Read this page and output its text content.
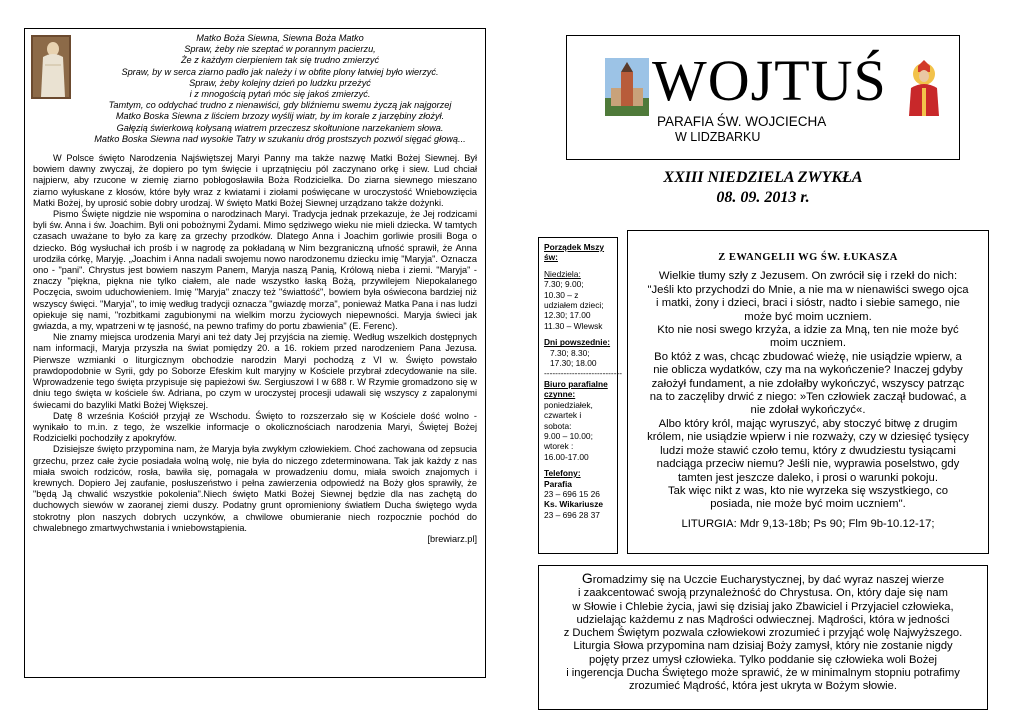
Matko Boża Siewna, Siewna Boża Matko
Spraw, żeby nie szeptać w porannym pacierzu,
Że z każdym cierpieniem tak się trudno zmierzyć
Spraw, by w serca ziarno padło jak należy i w obfite plony łatwiej było wierzyć.
Spraw, żeby kolejny dzień po ludzku przeżyć
i z mnogością pytań móc się jakoś zmierzyć.
Tamtym, co oddychać trudno z nienawiści, gdy bliźniemu swemu życzą jak najgorzej
Matko Boska Siewna z liściem brzozy wyślij wiatr, by im korale z jarzębiny złożył.
Gałęzią świerkową kołysaną wiatrem przeczesz skołtunione narzekaniem słowa.
Matko Boska Siewna nad wysokie Tatry w szukaniu dróg prostszych pozwól sięgać głową...

W Polsce święto Narodzenia Najświętszej Maryi Panny ma także nazwę Matki Bożej Siewnej. Był bowiem dawny zwyczaj, że dopiero po tym święcie i uprzątnięciu pól zaczynano orkę i siew. Lud chciał najpierw, aby rzucone w ziemię ziarno pobłogosławiła Boża Rodzicielka. Do ziarna siewnego mieszano ziarno wyłuskane z kłosów, które były wraz z kwiatami i ziołami poświęcane w uroczystość Wniebowzięcia Matki Bożej, by uprosić sobie dobry urodzaj. W święto Matki Bożej Siewnej urządzano także dożynki.

Pismo Święte nigdzie nie wspomina o narodzinach Maryi. Tradycja jednak przekazuje, że Jej rodzicami byli św. Anna i św. Joachim. Byli oni pobożnymi Żydami. Mimo sędziwego wieku nie mieli dziecka. W tamtych czasach uważane to było za karę za grzechy przodków. Dlatego Anna i Joachim gorliwie prosili Boga o dziecko. Bóg wysłuchał ich prośb i w nagrodę za pokładaną w Nim bezgraniczną ufność sprawił, że Anna urodziła córkę, Maryję. „Joachim i Anna nadali swojemu nowo narodzonemu dziecku imię "Maryja". Oznacza ono - "pani". Chrystus jest bowiem naszym Panem, Maryja naszą Panią, Królową nieba i ziemi. "Maryja" - znaczy "piękna, piękna nie tylko ciałem, ale nade wszystko łaską Bożą, przywilejem Niepokalanego Poczęcia, swoim uduchowieniem. Imię "Maryja" znaczy też "świattość", bowiem była oświecona bardziej niż wszyscy święci. "Maryja", to imię według tradycji oznacza "gwiazdę morza", ponieważ Matka Pana i nas ludzi opiekuje się nami, "rozbitkami zagubionymi na wielkim morzu życiowych niepewności. Maryja świeci jak gwiazda, a my, wpatrzeni w tę jasność, na pewno trafimy do portu zbawienia" (E. Ferenc).

Nie znamy miejsca urodzenia Maryi ani też daty Jej przyjścia na ziemię. Według wszelkich dostępnych nam informacji, Maryja przyszła na świat pomiędzy 20. a 16. rokiem przed narodzeniem Pana Jezusa. Pierwsze wzmianki o liturgicznym obchodzie narodzin Maryi pochodzą z VI w. Święto powstało prawdopodobnie w Syrii, gdy po Soborze Efeskim kult maryjny w Kościele przybrał zdecydowanie na sile. Wprowadzenie tego święta przypisuje się papieżowi św. Sergiuszowi I w 688 r. W Rzymie gromadzono się w dniu tego święta w kościele św. Adriana, po czym w uroczystej procesji udawali się wszyscy z zapalonymi świecami do bazyliki Matki Bożej Większej.

Datę 8 września Kościół przyjął ze Wschodu. Święto to rozszerzało się w Kościele dość wolno - wynikało to m.in. z tego, że wszelkie informacje o okolicznościach narodzenia Maryi, Świętej Bożej Rodzicielki pochodziły z apokryfów.

Dzisiejsze święto przypomina nam, że Maryja była zwykłym człowiekiem. Choć zachowana od zepsucia grzechu, przez całe życie posiadała wolną wolę, nie była do niczego zdeterminowana. Tak jak każdy z nas miała swoich rodziców, rosła, bawiła się, pomagała w prowadzeniu domu, miała swoich znajomych i krewnych. Dopiero Jej zaufanie, posłuszeństwo i pełna zawierzenia odpowiedź na Boży głos sprawiły, że "będą Ją chwalić wszystkie pokolenia".Niech święto Matki Bożej Siewnej będzie dla nas zachętą do duchowych siewów w zaoranej ziemi duszy. Podatny grunt opromieniony światłem Ducha świętego wyda stokrotny plon naszych dobrych uczynków, a chwilowe obumieranie niech rozpocznie pochód do chwalebnego zmartwychwstania i wniebowstąpienia.

[brewiarz.pl]

WOJTUŚ
PARAFIA ŚW. WOJCIECHA
W LIDZBARKU
XXIII NIEDZIELA ZWYKŁA
08. 09. 2013 r.
Porządek Mszy św:
Niedziela:
7.30; 9.00;
10.30 – z
udziałem dzieci;
12.30; 17.00
11.30 – Wlewsk
Dni powszednie:
7.30; 8.30;
17.30; 18.00
----------------------------
Biuro parafialne czynne:
poniedziałek,
czwartek i
sobota:
9.00 – 10.00;
wtorek :
16.00-17.00
Telefony:
Parafia
23 – 696 15 26
Ks. Wikariusze
23 – 696 28 37
Z EWANGELII WG ŚW. ŁUKASZA
Wielkie tłumy szły z Jezusem. On zwrócił się i rzekł do nich:
"Jeśli kto przychodzi do Mnie, a nie ma w nienawiści swego ojca
i matki, żony i dzieci, braci i sióstr, nadto i siebie samego, nie
może być moim uczniem.
Kto nie nosi swego krzyża, a idzie za Mną, ten nie może być
moim uczniem.
Bo któż z was, chcąc zbudować wieżę, nie usiądzie wpierw, a
nie oblicza wydatków, czy ma na wykończenie? Inaczej gdyby
założył fundament, a nie zdołałby wykończyć, wszyscy patrząc
na to zaczęliby drwić z niego: »Ten człowiek zaczął budować, a
nie zdołał wykończyć«.
Albo który król, mając wyruszyć, aby stoczyć bitwę z drugim
królem, nie usiądzie wpierw i nie rozważy, czy w dziesięć tysięcy
ludzi może stawić czoło temu, który z dwudziestu tysiącami
nadciąga przeciw niemu? Jeśli nie, wyprawia poselstwo, gdy
tamten jest jeszcze daleko, i prosi o warunki pokoju.
Tak więc nikt z was, kto nie wyrzeka się wszystkiego, co
posiada, nie może być moim uczniem".
LITURGIA: Mdr 9,13-18b; Ps 90; Flm 9b-10.12-17;
Gromadzimy się na Uczcie Eucharystycznej, by dać wyraz naszej wierze
i zaakcentować swoją przynależność do Chrystusa. On, który daje się nam
w Słowie i Chlebie życia, jawi się dzisiaj jako Zbawiciel i Przyjaciel człowieka,
udzielając każdemu z nas Mądrości odwiecznej. Mądrości, która w jedności
z Duchem Świętym pozwala człowiekowi zrozumieć i przyjąć wolę Najwyższego.
Liturgia Słowa przypomina nam dzisiaj Boży zamysł, który nie zostanie nigdy
pojęty przez umysł człowieka. Tylko poddanie się człowieka woli Bożej
i ingerencja Ducha Świętego może sprawić, że w minimalnym stopniu potrafimy
zrozumieć Mądrość, która jest ukryta w Bożym słowie.
